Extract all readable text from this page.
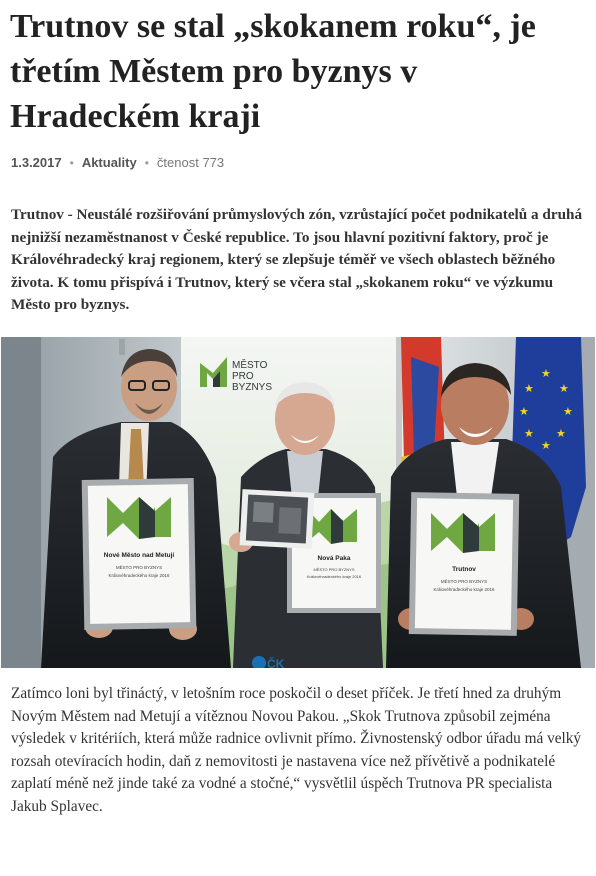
Trutnov se stal „skokanem roku“, je třetím Městem pro byznys v Hradeckém kraji
1.3.2017 • Aktuality • čtenost 773

Trutnov - Neustálé rozšiřování průmyslových zón, vzrůstající počet podnikatelů a druhá nejnižší nezaměstnanost v České republice. To jsou hlavní pozitivní faktory, proč je Královéhradecký kraj regionem, který se zlepšuje téměř ve všech oblastech běžného života. K tomu přispívá i Trutnov, který se včera stal „skokanem roku“ ve výzkumu Město pro byznys.

MĚSTO
PRO
BYZNYS
★
★
★
★
★
★
★
★
Nové Město nad Metují
MĚSTO PRO BYZNYS
Královéhradeckého kraje 2016
Nová Paka
MĚSTO PRO BYZNYS
Královéhradeckého kraje 2016
Trutnov
MĚSTO PRO BYZNYS
Královéhradeckého kraje 2016
ČK

Zatímco loni byl třináctý, v letošním roce poskočil o deset příček. Je třetí hned za druhým Novým Městem nad Metují a vítěznou Novou Pakou. „Skok Trutnova způsobil zejména výsledek v kritériích, která může radnice ovlivnit přímo. Živnostenský odbor úřadu má velký rozsah otevíracích hodin, daň z nemovitosti je nastavena více než přívětivě a podnikatelé zaplatí méně než jinde také za vodné a stočné,“ vysvětlil úspěch Trutnova PR specialista Jakub Splavec.
